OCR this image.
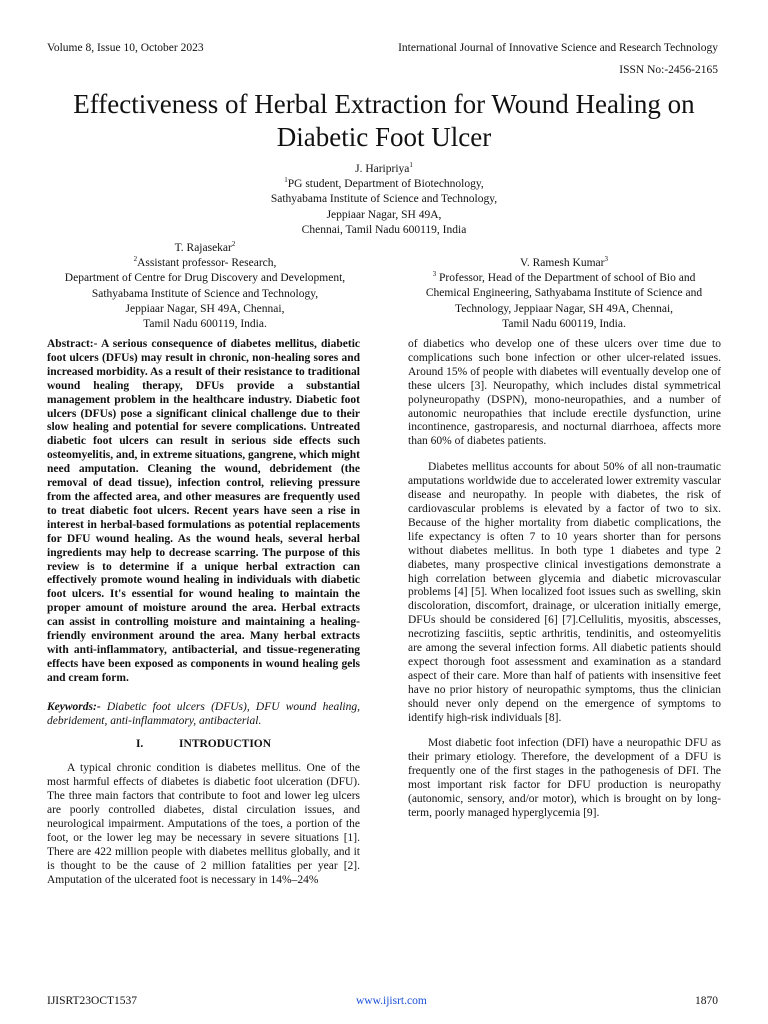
Volume 8, Issue 10, October 2023	International Journal of Innovative Science and Research Technology
ISSN No:-2456-2165
Effectiveness of Herbal Extraction for Wound Healing on Diabetic Foot Ulcer
J. Haripriya$^1$
$^1$PG student, Department of Biotechnology,
Sathyabama Institute of Science and Technology,
Jeppiaar Nagar, SH 49A,
Chennai, Tamil Nadu 600119, India
T. Rajasekar$^2$
$^2$Assistant professor- Research,
Department of Centre for Drug Discovery and Development,
Sathyabama Institute of Science and Technology,
Jeppiaar Nagar, SH 49A, Chennai,
Tamil Nadu 600119, India.
V. Ramesh Kumar$^3$
$^3$ Professor, Head of the Department of school of Bio and
Chemical Engineering, Sathyabama Institute of Science and
Technology, Jeppiaar Nagar, SH 49A, Chennai,
Tamil Nadu 600119, India.

Abstract:- A serious consequence of diabetes mellitus, diabetic foot ulcers (DFUs) may result in chronic, non-healing sores and increased morbidity. As a result of their resistance to traditional wound healing therapy, DFUs provide a substantial management problem in the healthcare industry. Diabetic foot ulcers (DFUs) pose a significant clinical challenge due to their slow healing and potential for severe complications. Untreated diabetic foot ulcers can result in serious side effects such osteomyelitis, and, in extreme situations, gangrene, which might need amputation. Cleaning the wound, debridement (the removal of dead tissue), infection control, relieving pressure from the affected area, and other measures are frequently used to treat diabetic foot ulcers. Recent years have seen a rise in interest in herbal-based formulations as potential replacements for DFU wound healing. As the wound heals, several herbal ingredients may help to decrease scarring. The purpose of this review is to determine if a unique herbal extraction can effectively promote wound healing in individuals with diabetic foot ulcers. It's essential for wound healing to maintain the proper amount of moisture around the area. Herbal extracts can assist in controlling moisture and maintaining a healing-friendly environment around the area. Many herbal extracts with anti-inflammatory, antibacterial, and tissue-regenerating effects have been exposed as components in wound healing gels and cream form.

Keywords:- Diabetic foot ulcers (DFUs), DFU wound healing, debridement, anti-inflammatory, antibacterial.

I.	INTRODUCTION

A typical chronic condition is diabetes mellitus. One of the most harmful effects of diabetes is diabetic foot ulceration (DFU). The three main factors that contribute to foot and lower leg ulcers are poorly controlled diabetes, distal circulation issues, and neurological impairment. Amputations of the toes, a portion of the foot, or the lower leg may be necessary in severe situations [1]. There are 422 million people with diabetes mellitus globally, and it is thought to be the cause of 2 million fatalities per year [2]. Amputation of the ulcerated foot is necessary in 14%–24%

of diabetics who develop one of these ulcers over time due to complications such bone infection or other ulcer-related issues. Around 15% of people with diabetes will eventually develop one of these ulcers [3]. Neuropathy, which includes distal symmetrical polyneuropathy (DSPN), mono-neuropathies, and a number of autonomic neuropathies that include erectile dysfunction, urine incontinence, gastroparesis, and nocturnal diarrhoea, affects more than 60% of diabetes patients.

Diabetes mellitus accounts for about 50% of all non-traumatic amputations worldwide due to accelerated lower extremity vascular disease and neuropathy. In people with diabetes, the risk of cardiovascular problems is elevated by a factor of two to six. Because of the higher mortality from diabetic complications, the life expectancy is often 7 to 10 years shorter than for persons without diabetes mellitus. In both type 1 diabetes and type 2 diabetes, many prospective clinical investigations demonstrate a high correlation between glycemia and diabetic microvascular problems [4] [5]. When localized foot issues such as swelling, skin discoloration, discomfort, drainage, or ulceration initially emerge, DFUs should be considered [6] [7].Cellulitis, myositis, abscesses, necrotizing fasciitis, septic arthritis, tendinitis, and osteomyelitis are among the several infection forms. All diabetic patients should expect thorough foot assessment and examination as a standard aspect of their care. More than half of patients with insensitive feet have no prior history of neuropathic symptoms, thus the clinician should never only depend on the emergence of symptoms to identify high-risk individuals [8].

Most diabetic foot infection (DFI) have a neuropathic DFU as their primary etiology. Therefore, the development of a DFU is frequently one of the first stages in the pathogenesis of DFI. The most important risk factor for DFU production is neuropathy (autonomic, sensory, and/or motor), which is brought on by long-term, poorly managed hyperglycemia [9].

IJISRT23OCT1537	www.ijisrt.com	1870
